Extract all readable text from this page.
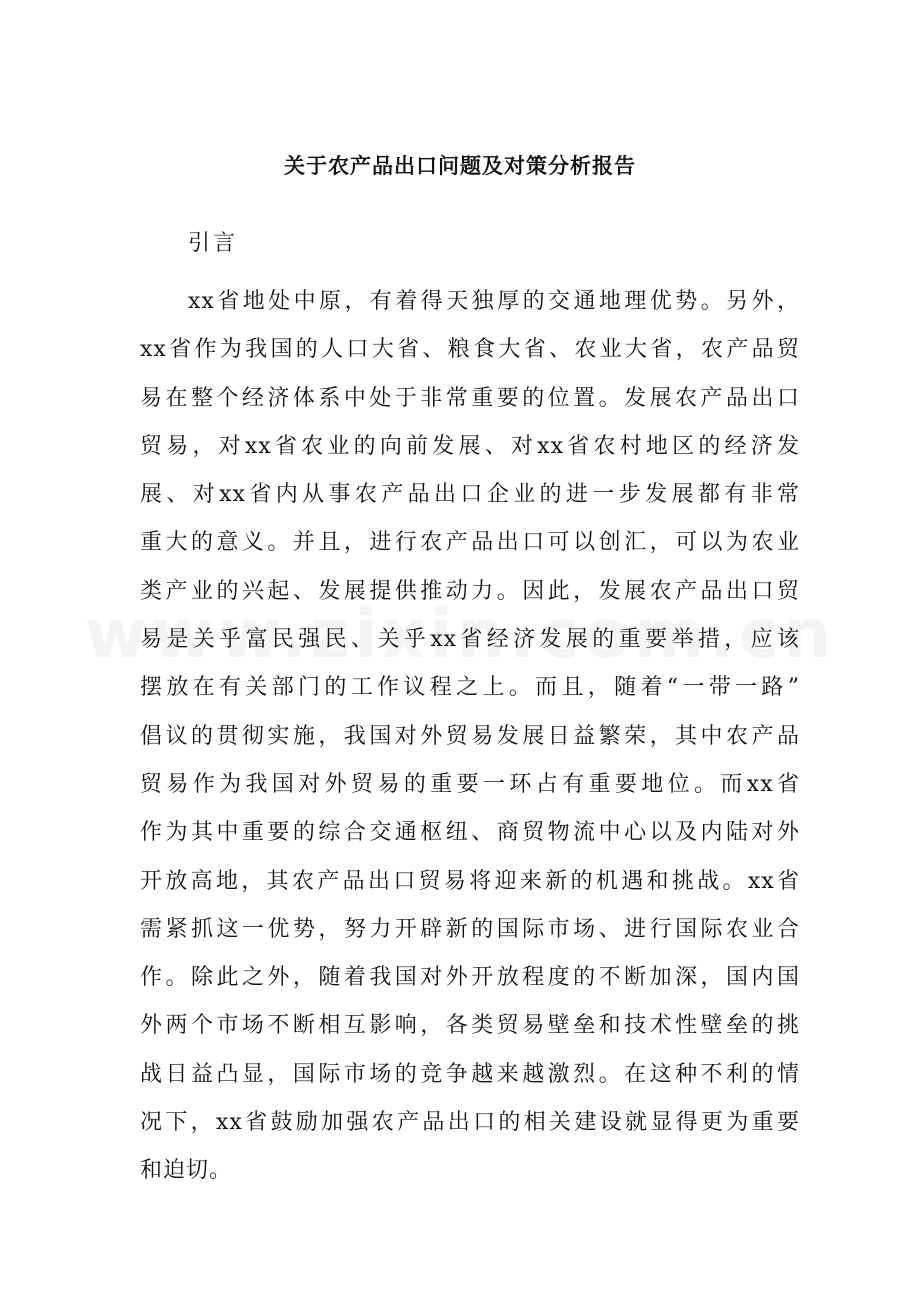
关于农产品出口问题及对策分析报告
引言
xx省地处中原，有着得天独厚的交通地理优势。另外，
xx省作为我国的人口大省、粮食大省、农业大省，农产品贸
易在整个经济体系中处于非常重要的位置。发展农产品出口
贸易，对xx省农业的向前发展、对xx省农村地区的经济发
展、对xx省内从事农产品出口企业的进一步发展都有非常
重大的意义。并且，进行农产品出口可以创汇，可以为农业
类产业的兴起、发展提供推动力。因此，发展农产品出口贸
易是关乎富民强民、关乎xx省经济发展的重要举措，应该
摆放在有关部门的工作议程之上。而且，随着“一带一路”
倡议的贯彻实施，我国对外贸易发展日益繁荣，其中农产品
贸易作为我国对外贸易的重要一环占有重要地位。而xx省
作为其中重要的综合交通枢纽、商贸物流中心以及内陆对外
开放高地，其农产品出口贸易将迎来新的机遇和挑战。xx省
需紧抓这一优势，努力开辟新的国际市场、进行国际农业合
作。除此之外，随着我国对外开放程度的不断加深，国内国
外两个市场不断相互影响，各类贸易壁垒和技术性壁垒的挑
战日益凸显，国际市场的竞争越来越激烈。在这种不利的情
况下，xx省鼓励加强农产品出口的相关建设就显得更为重要
和迫切。
